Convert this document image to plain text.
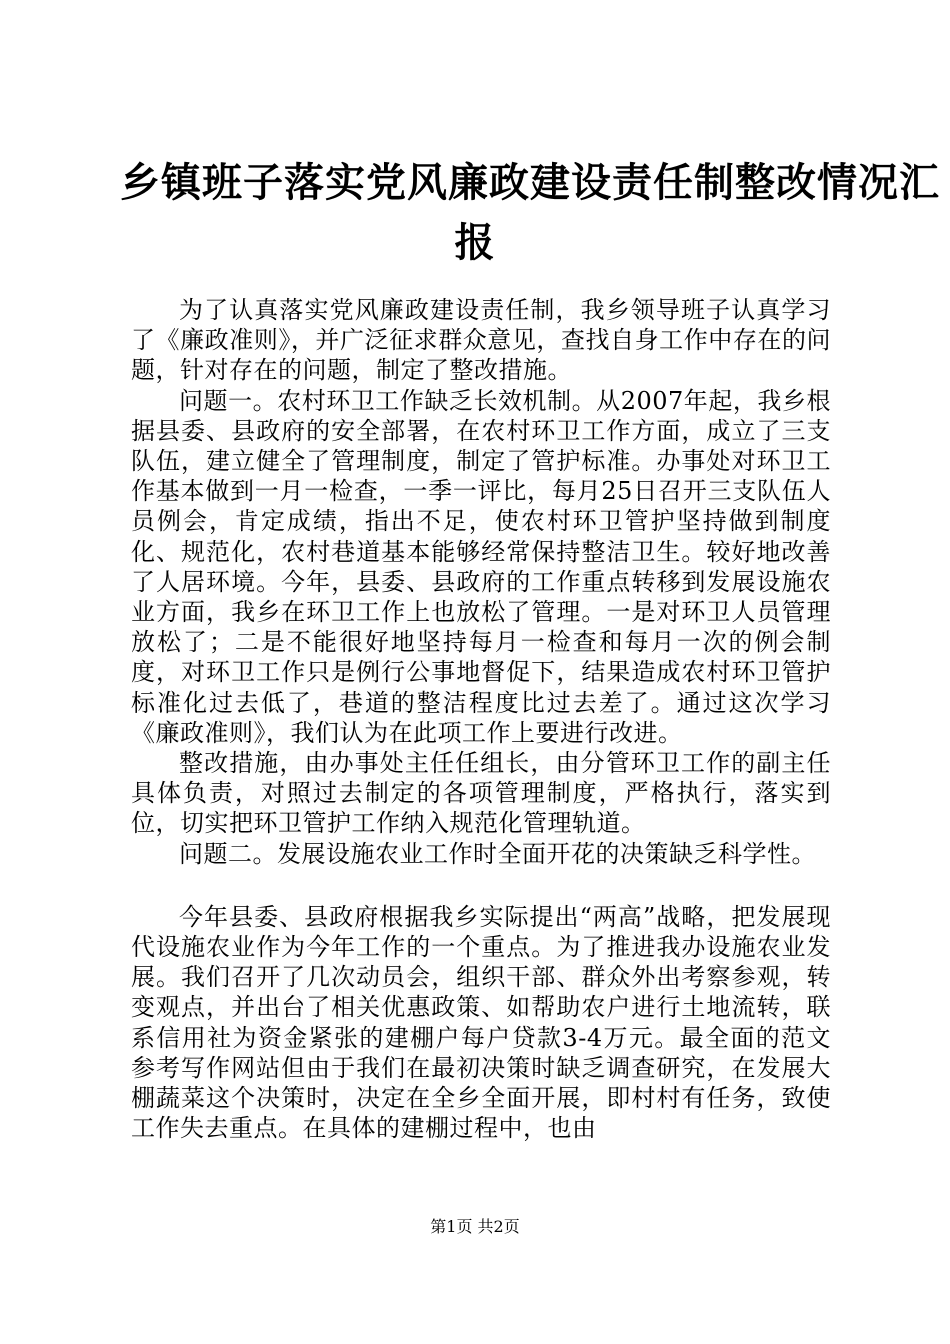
乡镇班子落实党风廉政建设责任制整改情况汇
报

为了认真落实党风廉政建设责任制，我乡领导班子认真学习了《廉政准则》，并广泛征求群众意见，查找自身工作中存在的问题，针对存在的问题，制定了整改措施。

问题一。农村环卫工作缺乏长效机制。从2007年起，我乡根据县委、县政府的安全部署，在农村环卫工作方面，成立了三支队伍，建立健全了管理制度，制定了管护标准。办事处对环卫工作基本做到一月一检查，一季一评比，每月25日召开三支队伍人员例会，肯定成绩，指出不足，使农村环卫管护坚持做到制度化、规范化，农村巷道基本能够经常保持整洁卫生。较好地改善了人居环境。今年，县委、县政府的工作重点转移到发展设施农业方面，我乡在环卫工作上也放松了管理。一是对环卫人员管理放松了；二是不能很好地坚持每月一检查和每月一次的例会制度，对环卫工作只是例行公事地督促下，结果造成农村环卫管护标准化过去低了，巷道的整洁程度比过去差了。通过这次学习《廉政准则》，我们认为在此项工作上要进行改进。

整改措施，由办事处主任任组长，由分管环卫工作的副主任具体负责，对照过去制定的各项管理制度，严格执行，落实到位，切实把环卫管护工作纳入规范化管理轨道。

问题二。发展设施农业工作时全面开花的决策缺乏科学性。

今年县委、县政府根据我乡实际提出“两高”战略，把发展现代设施农业作为今年工作的一个重点。为了推进我办设施农业发展。我们召开了几次动员会，组织干部、群众外出考察参观，转变观点，并出台了相关优惠政策、如帮助农户进行土地流转，联系信用社为资金紧张的建棚户每户贷款3-4万元。最全面的范文参考写作网站但由于我们在最初决策时缺乏调查研究，在发展大棚蔬菜这个决策时，决定在全乡全面开展，即村村有任务，致使工作失去重点。在具体的建棚过程中，也由

第1页 共2页
